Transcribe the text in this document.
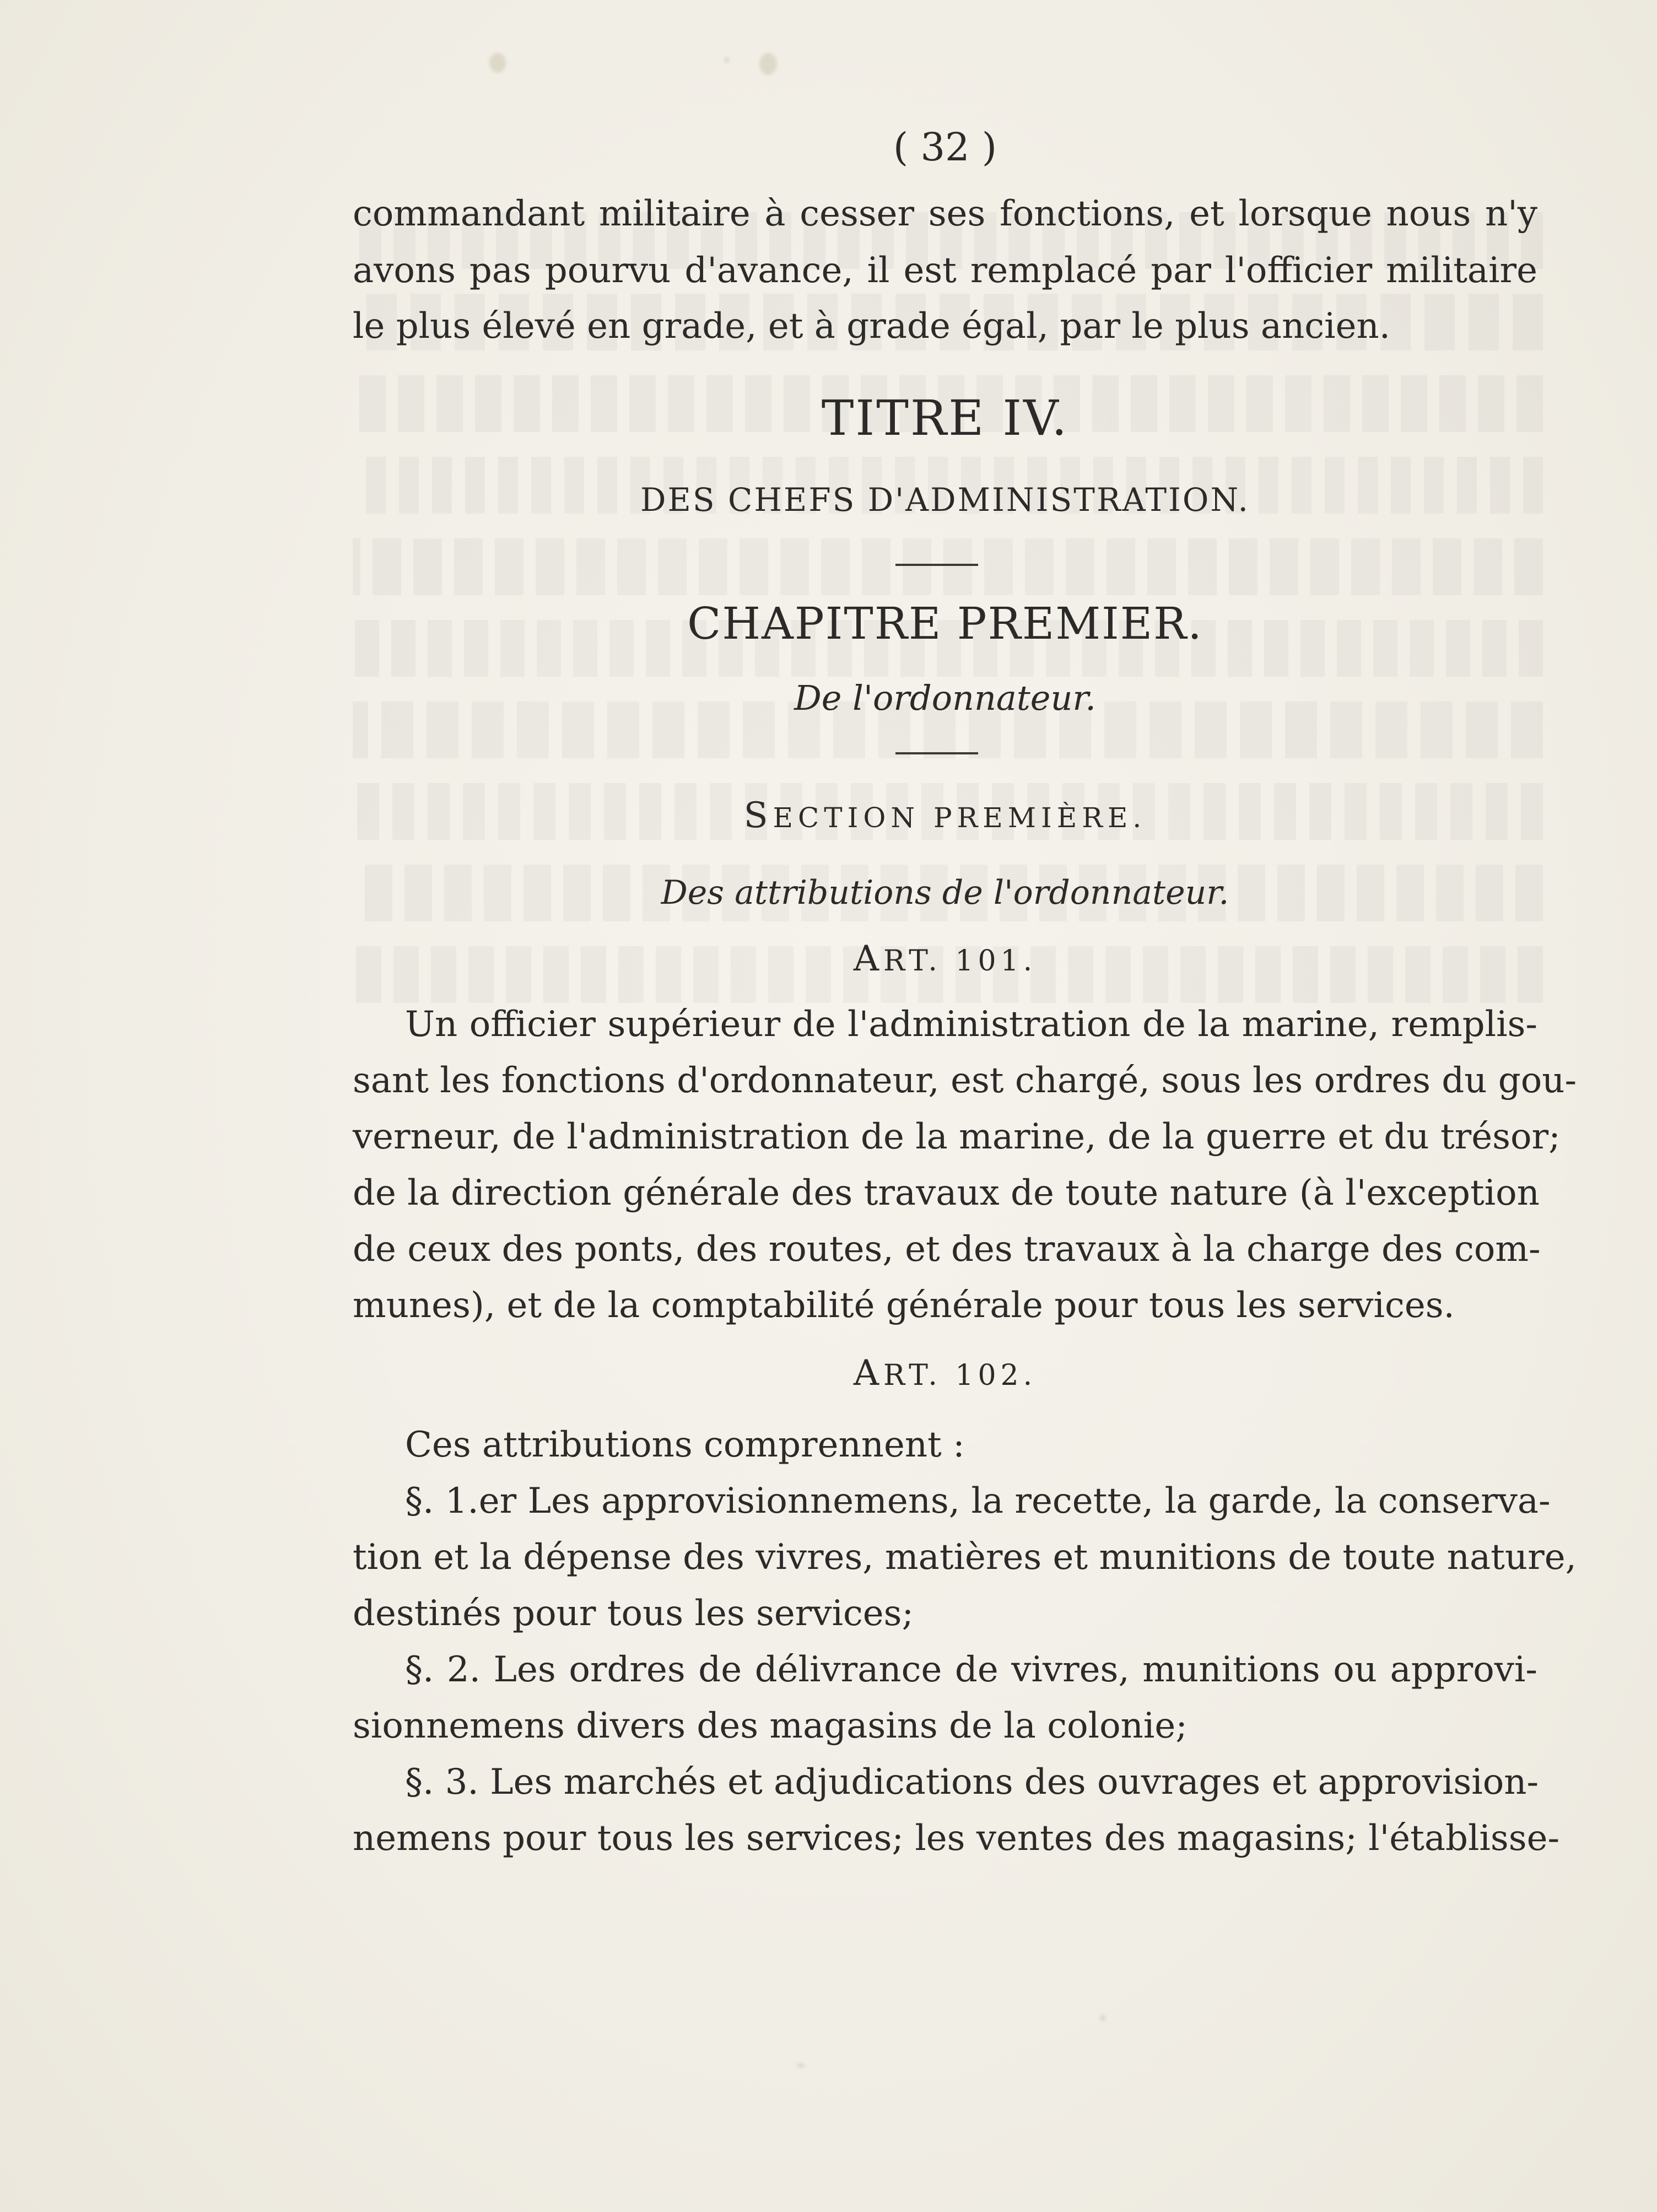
( 32 )
commandant militaire à cesser ses fonctions, et lorsque nous n'y
avons pas pourvu d'avance, il est remplacé par l'officier militaire
le plus élevé en grade, et à grade égal, par le plus ancien.
TITRE IV.
DES CHEFS D'ADMINISTRATION.
CHAPITRE PREMIER.
De l'ordonnateur.
SECTION PREMIÈRE.
Des attributions de l'ordonnateur.
ART. 101.
Un officier supérieur de l'administration de la marine, remplis-
sant les fonctions d'ordonnateur, est chargé, sous les ordres du gou-
verneur, de l'administration de la marine, de la guerre et du trésor;
de la direction générale des travaux de toute nature (à l'exception
de ceux des ponts, des routes, et des travaux à la charge des com-
munes), et de la comptabilité générale pour tous les services.
ART. 102.
Ces attributions comprennent :
§. 1.er Les approvisionnemens, la recette, la garde, la conserva-
tion et la dépense des vivres, matières et munitions de toute nature,
destinés pour tous les services;
§. 2. Les ordres de délivrance de vivres, munitions ou approvi-
sionnemens divers des magasins de la colonie;
§. 3. Les marchés et adjudications des ouvrages et approvision-
nemens pour tous les services; les ventes des magasins; l'établisse-
